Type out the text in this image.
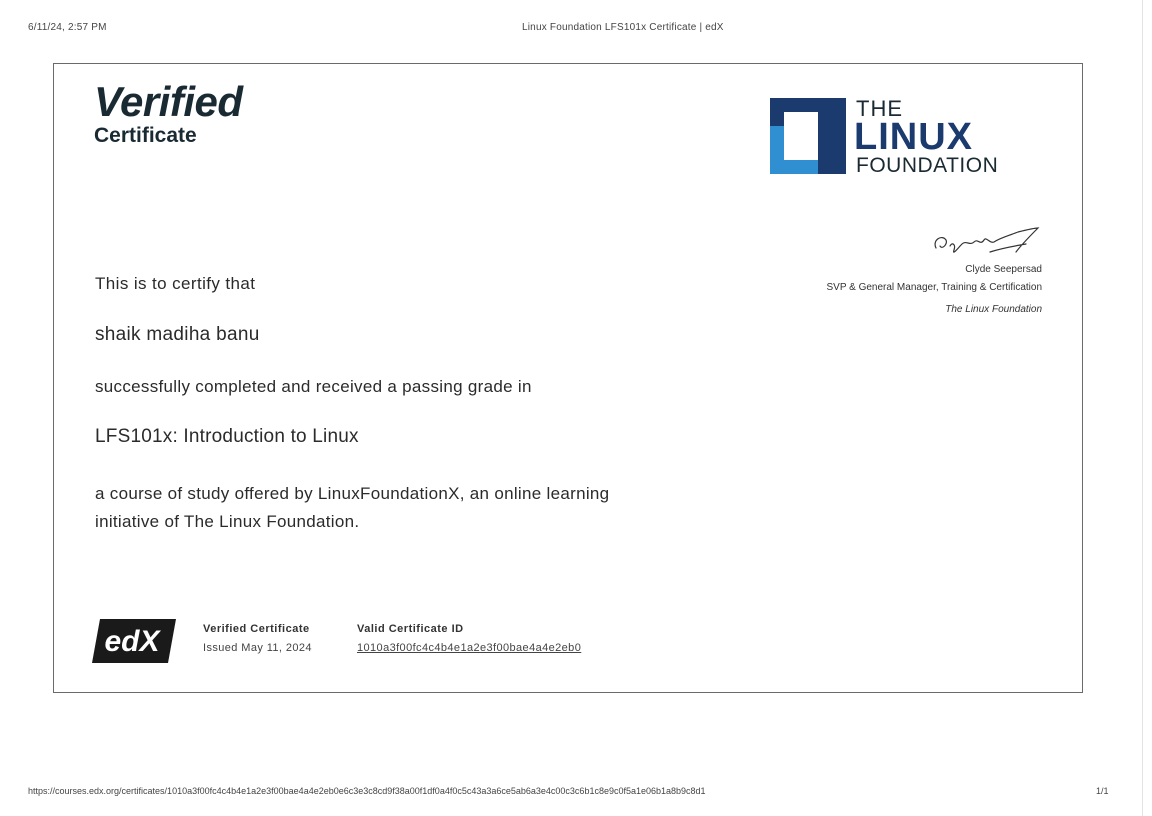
6/11/24, 2:57 PM	Linux Foundation LFS101x Certificate | edX
Verified
Certificate
THE
LINUX
FOUNDATION
Clyde Seepersad
SVP & General Manager, Training & Certification
The Linux Foundation
This is to certify that
shaik madiha banu
successfully completed and received a passing grade in
LFS101x: Introduction to Linux
a course of study offered by LinuxFoundationX, an online learning initiative of The Linux Foundation.
edX	Verified Certificate
Issued May 11, 2024
Valid Certificate ID
1010a3f00fc4c4b4e1a2e3f00bae4a4e2eb0
https://courses.edx.org/certificates/1010a3f00fc4c4b4e1a2e3f00bae4a4e2eb0e6c3e3c8cd9f38a00f1df0a4f0c5c43a3a6ce5ab6a3e4c00c3c6b1c8e9c0f5a1e06b1a8b9c8d1	1/1
